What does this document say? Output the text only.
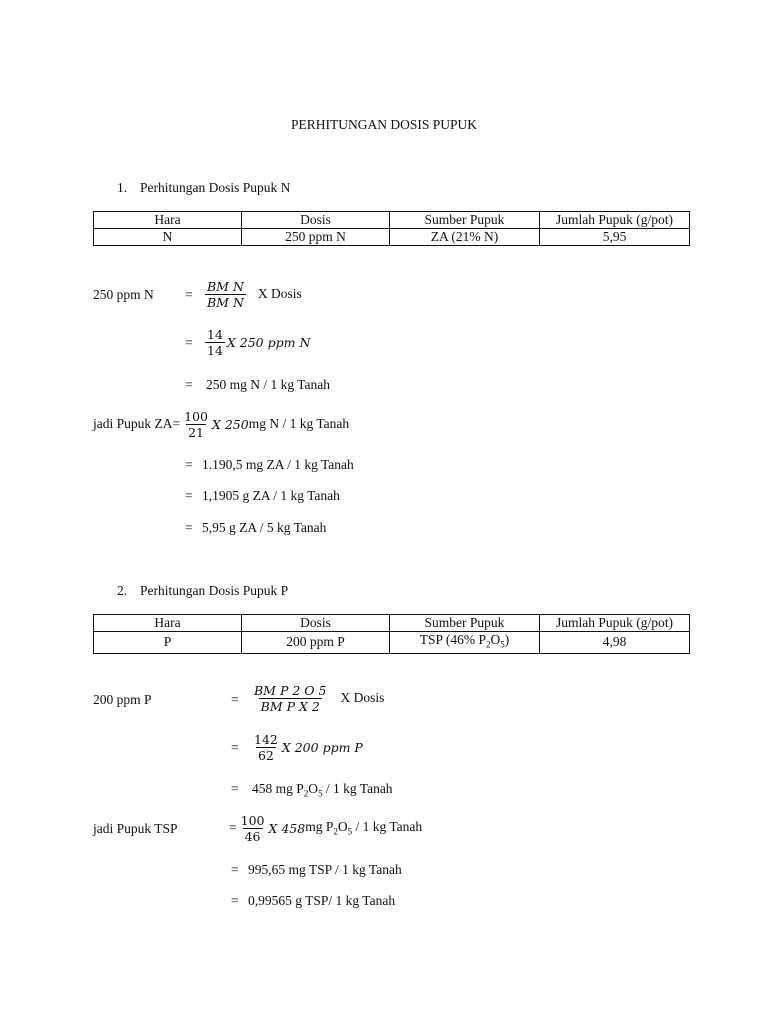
PERHITUNGAN DOSIS PUPUK
1. Perhitungan Dosis Pupuk N
Hara	Dosis	Sumber Pupuk	Jumlah Pupuk (g/pot)
N	250 ppm N	ZA (21% N)	5,95
250 ppm $N = \frac{\text{BM N}}{\text{BM N}}$ X Dosis
= $\frac{14}{14}$ X 250 ppm N
= 250 mg N / 1 kg Tanah
jadi Pupuk ZA = $\frac{100}{21}$ X 250 mg N / 1 kg Tanah
= 1.190,5 mg ZA / 1 kg Tanah
= 1,1905 g ZA / 1 kg Tanah
= 5,95 g ZA / 5 kg Tanah
2. Perhitungan Dosis Pupuk P
Hara	Dosis	Sumber Pupuk	Jumlah Pupuk (g/pot)
P	200 ppm P	TSP (46% $P_2O_5$)	4,98
200 ppm P	= $\frac{\text{BM P 2 O 5}}{\text{BM P X 2}}$ X Dosis
= $\frac{142}{62}$ X 200 ppm P
= 458 mg $P_2O_5 / 1$ kg Tanah
jadi Pupuk TSP	= $\frac{100}{46}$ X 458 mg $P_2O_5 / 1$ kg Tanah
= 995,65 mg TSP / 1 kg Tanah
= 0,99565 g TSP/ 1 kg Tanah
